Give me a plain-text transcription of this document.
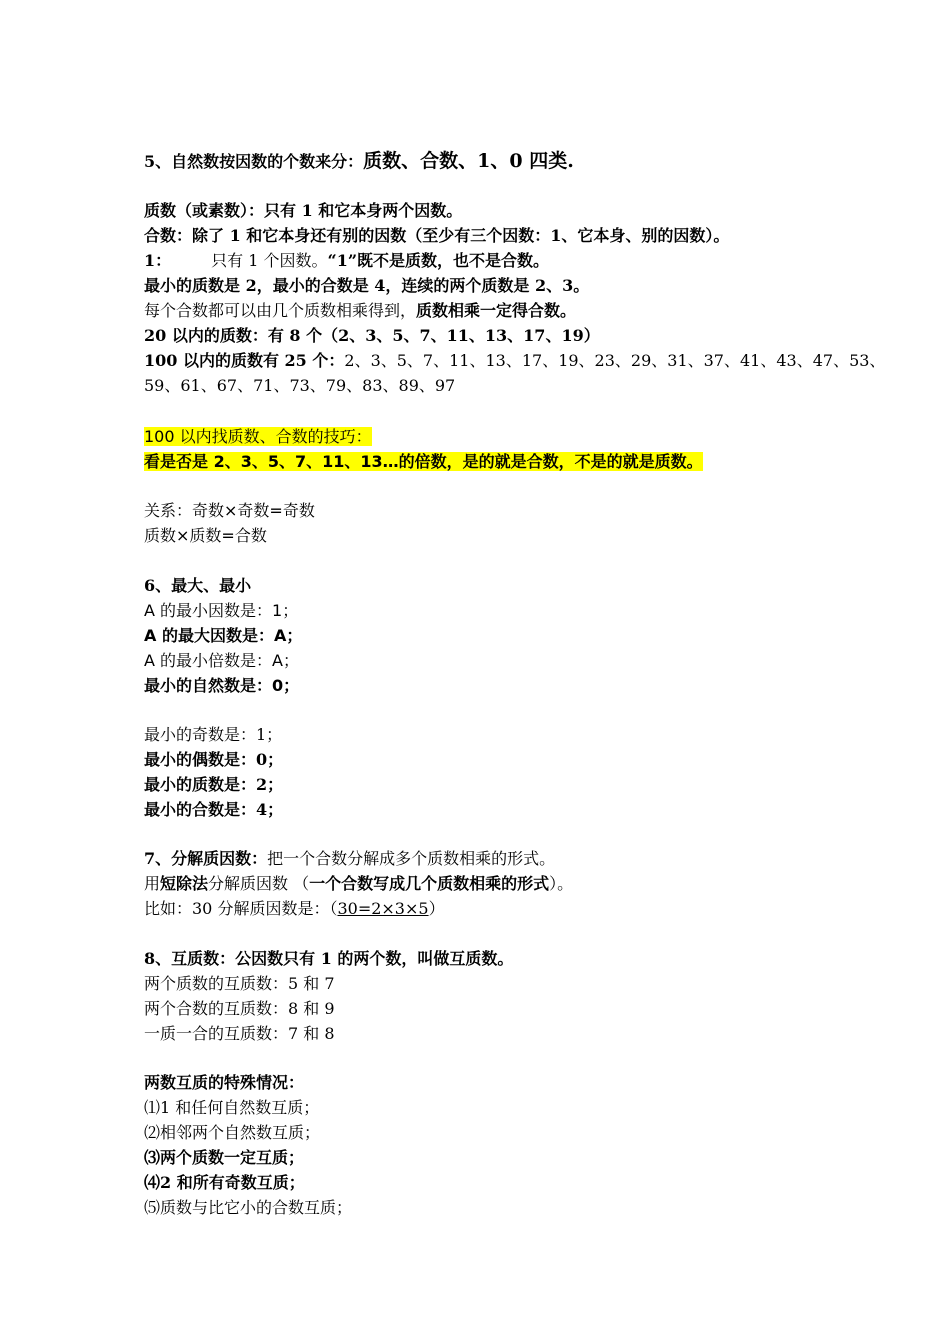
5、自然数按因数的个数来分：质数、合数、1、0 四类.
质数（或素数）：只有 1 和它本身两个因数。
合数：除了 1 和它本身还有别的因数（至少有三个因数：1、它本身、别的因数）。
1：	只有 1 个因数。“1”既不是质数，也不是合数。
最小的质数是 2，最小的合数是 4，连续的两个质数是 2、3。
每个合数都可以由几个质数相乘得到，质数相乘一定得合数。
20 以内的质数：有 8 个（2、3、5、7、11、13、17、19）
100 以内的质数有 25 个：2、3、5、7、11、13、17、19、23、29、31、37、41、43、47、53、
59、61、67、71、73、79、83、89、97
100 以内找质数、合数的技巧：
看是否是 2、3、5、7、11、13…的倍数，是的就是合数，不是的就是质数。
关系：奇数×奇数=奇数
质数×质数=合数
6、最大、最小
A 的最小因数是：1；
A 的最大因数是：A；
A 的最小倍数是：A；
最小的自然数是：0；
最小的奇数是：1；
最小的偶数是：0；
最小的质数是：2；
最小的合数是：4；
7、分解质因数：把一个合数分解成多个质数相乘的形式。
用短除法分解质因数 （一个合数写成几个质数相乘的形式）。
比如：30 分解质因数是：（30=2×3×5）
8、互质数：公因数只有 1 的两个数，叫做互质数。
两个质数的互质数：5 和 7
两个合数的互质数：8 和 9
一质一合的互质数：7 和 8
两数互质的特殊情况：
⑴1 和任何自然数互质；
⑵相邻两个自然数互质；
⑶两个质数一定互质；
⑷2 和所有奇数互质；
⑸质数与比它小的合数互质；
